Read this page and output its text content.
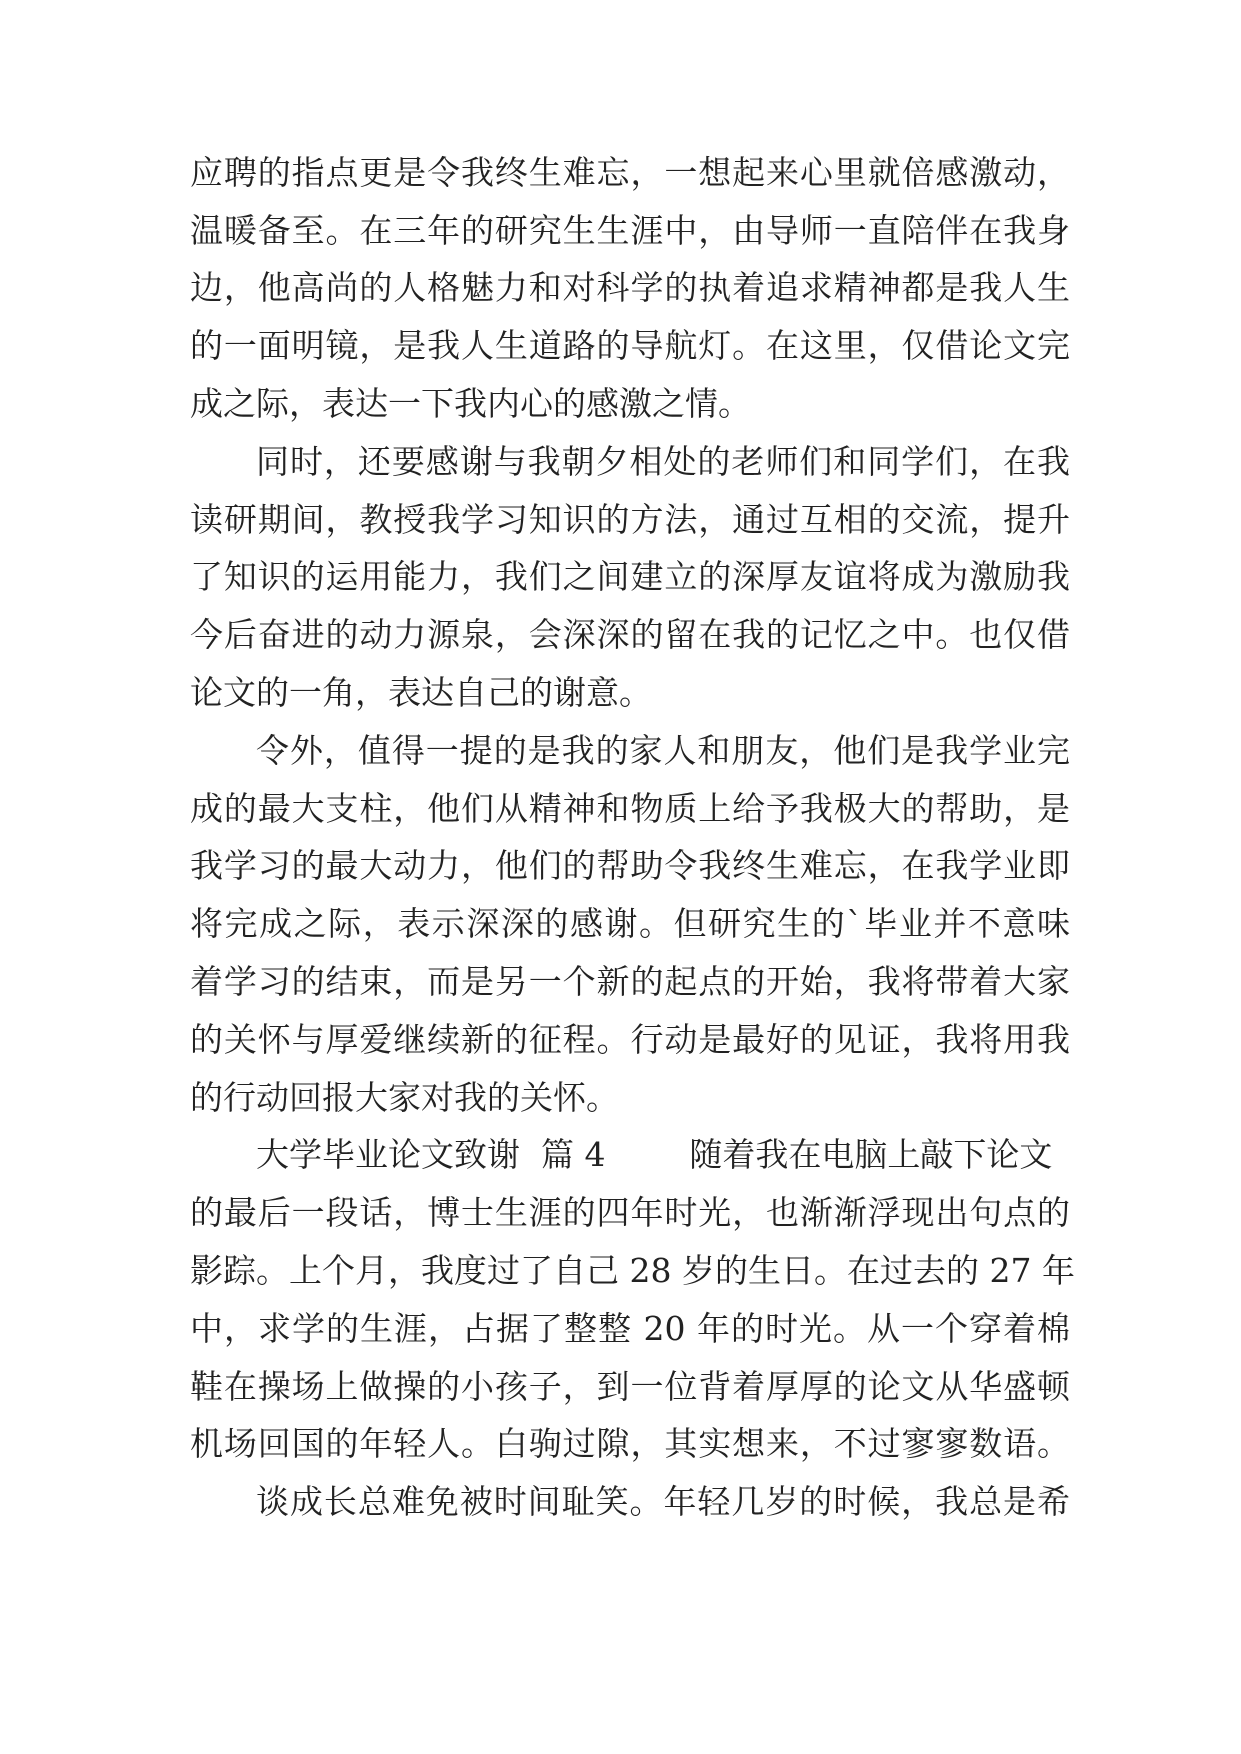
应聘的指点更是令我终生难忘，一想起来心里就倍感激动，
温暖备至。在三年的研究生生涯中，由导师一直陪伴在我身
边，他高尚的人格魅力和对科学的执着追求精神都是我人生
的一面明镜，是我人生道路的导航灯。在这里，仅借论文完
成之际，表达一下我内心的感激之情。
同时，还要感谢与我朝夕相处的老师们和同学们，在我
读研期间，教授我学习知识的方法，通过互相的交流，提升
了知识的运用能力，我们之间建立的深厚友谊将成为激励我
今后奋进的动力源泉，会深深的留在我的记忆之中。也仅借
论文的一角，表达自己的谢意。
令外，值得一提的是我的家人和朋友，他们是我学业完
成的最大支柱，他们从精神和物质上给予我极大的帮助，是
我学习的最大动力，他们的帮助令我终生难忘，在我学业即
将完成之际，表示深深的感谢。但研究生的`毕业并不意味
着学习的结束，而是另一个新的起点的开始，我将带着大家
的关怀与厚爱继续新的征程。行动是最好的见证，我将用我
的行动回报大家对我的关怀。
大学毕业论文致谢  篇 4        随着我在电脑上敲下论文
的最后一段话，博士生涯的四年时光，也渐渐浮现出句点的
影踪。上个月，我度过了自己 28 岁的生日。在过去的 27 年
中，求学的生涯，占据了整整 20 年的时光。从一个穿着棉
鞋在操场上做操的小孩子，到一位背着厚厚的论文从华盛顿
机场回国的年轻人。白驹过隙，其实想来，不过寥寥数语。
谈成长总难免被时间耻笑。年轻几岁的时候，我总是希
